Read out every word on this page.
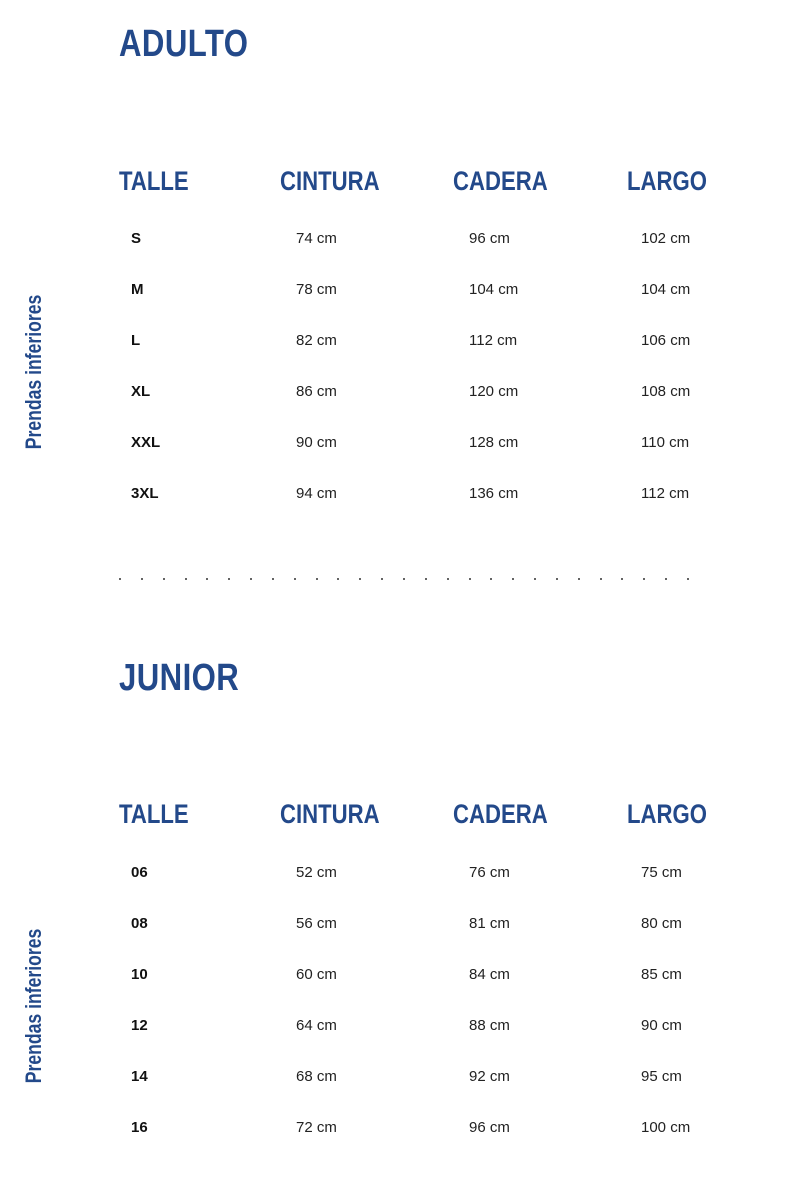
ADULTO
Prendas inferiores
TALLE	CINTURA	CADERA	LARGO
S	74 cm	96 cm	102 cm
M	78 cm	104 cm	104 cm
L	82 cm	112 cm	106 cm
XL	86 cm	120 cm	108 cm
XXL	90 cm	128 cm	110 cm
3XL	94 cm	136 cm	112 cm
JUNIOR
Prendas inferiores
TALLE	CINTURA	CADERA	LARGO
06	52 cm	76 cm	75 cm
08	56 cm	81 cm	80 cm
10	60 cm	84 cm	85 cm
12	64 cm	88 cm	90 cm
14	68 cm	92 cm	95 cm
16	72 cm	96 cm	100 cm
